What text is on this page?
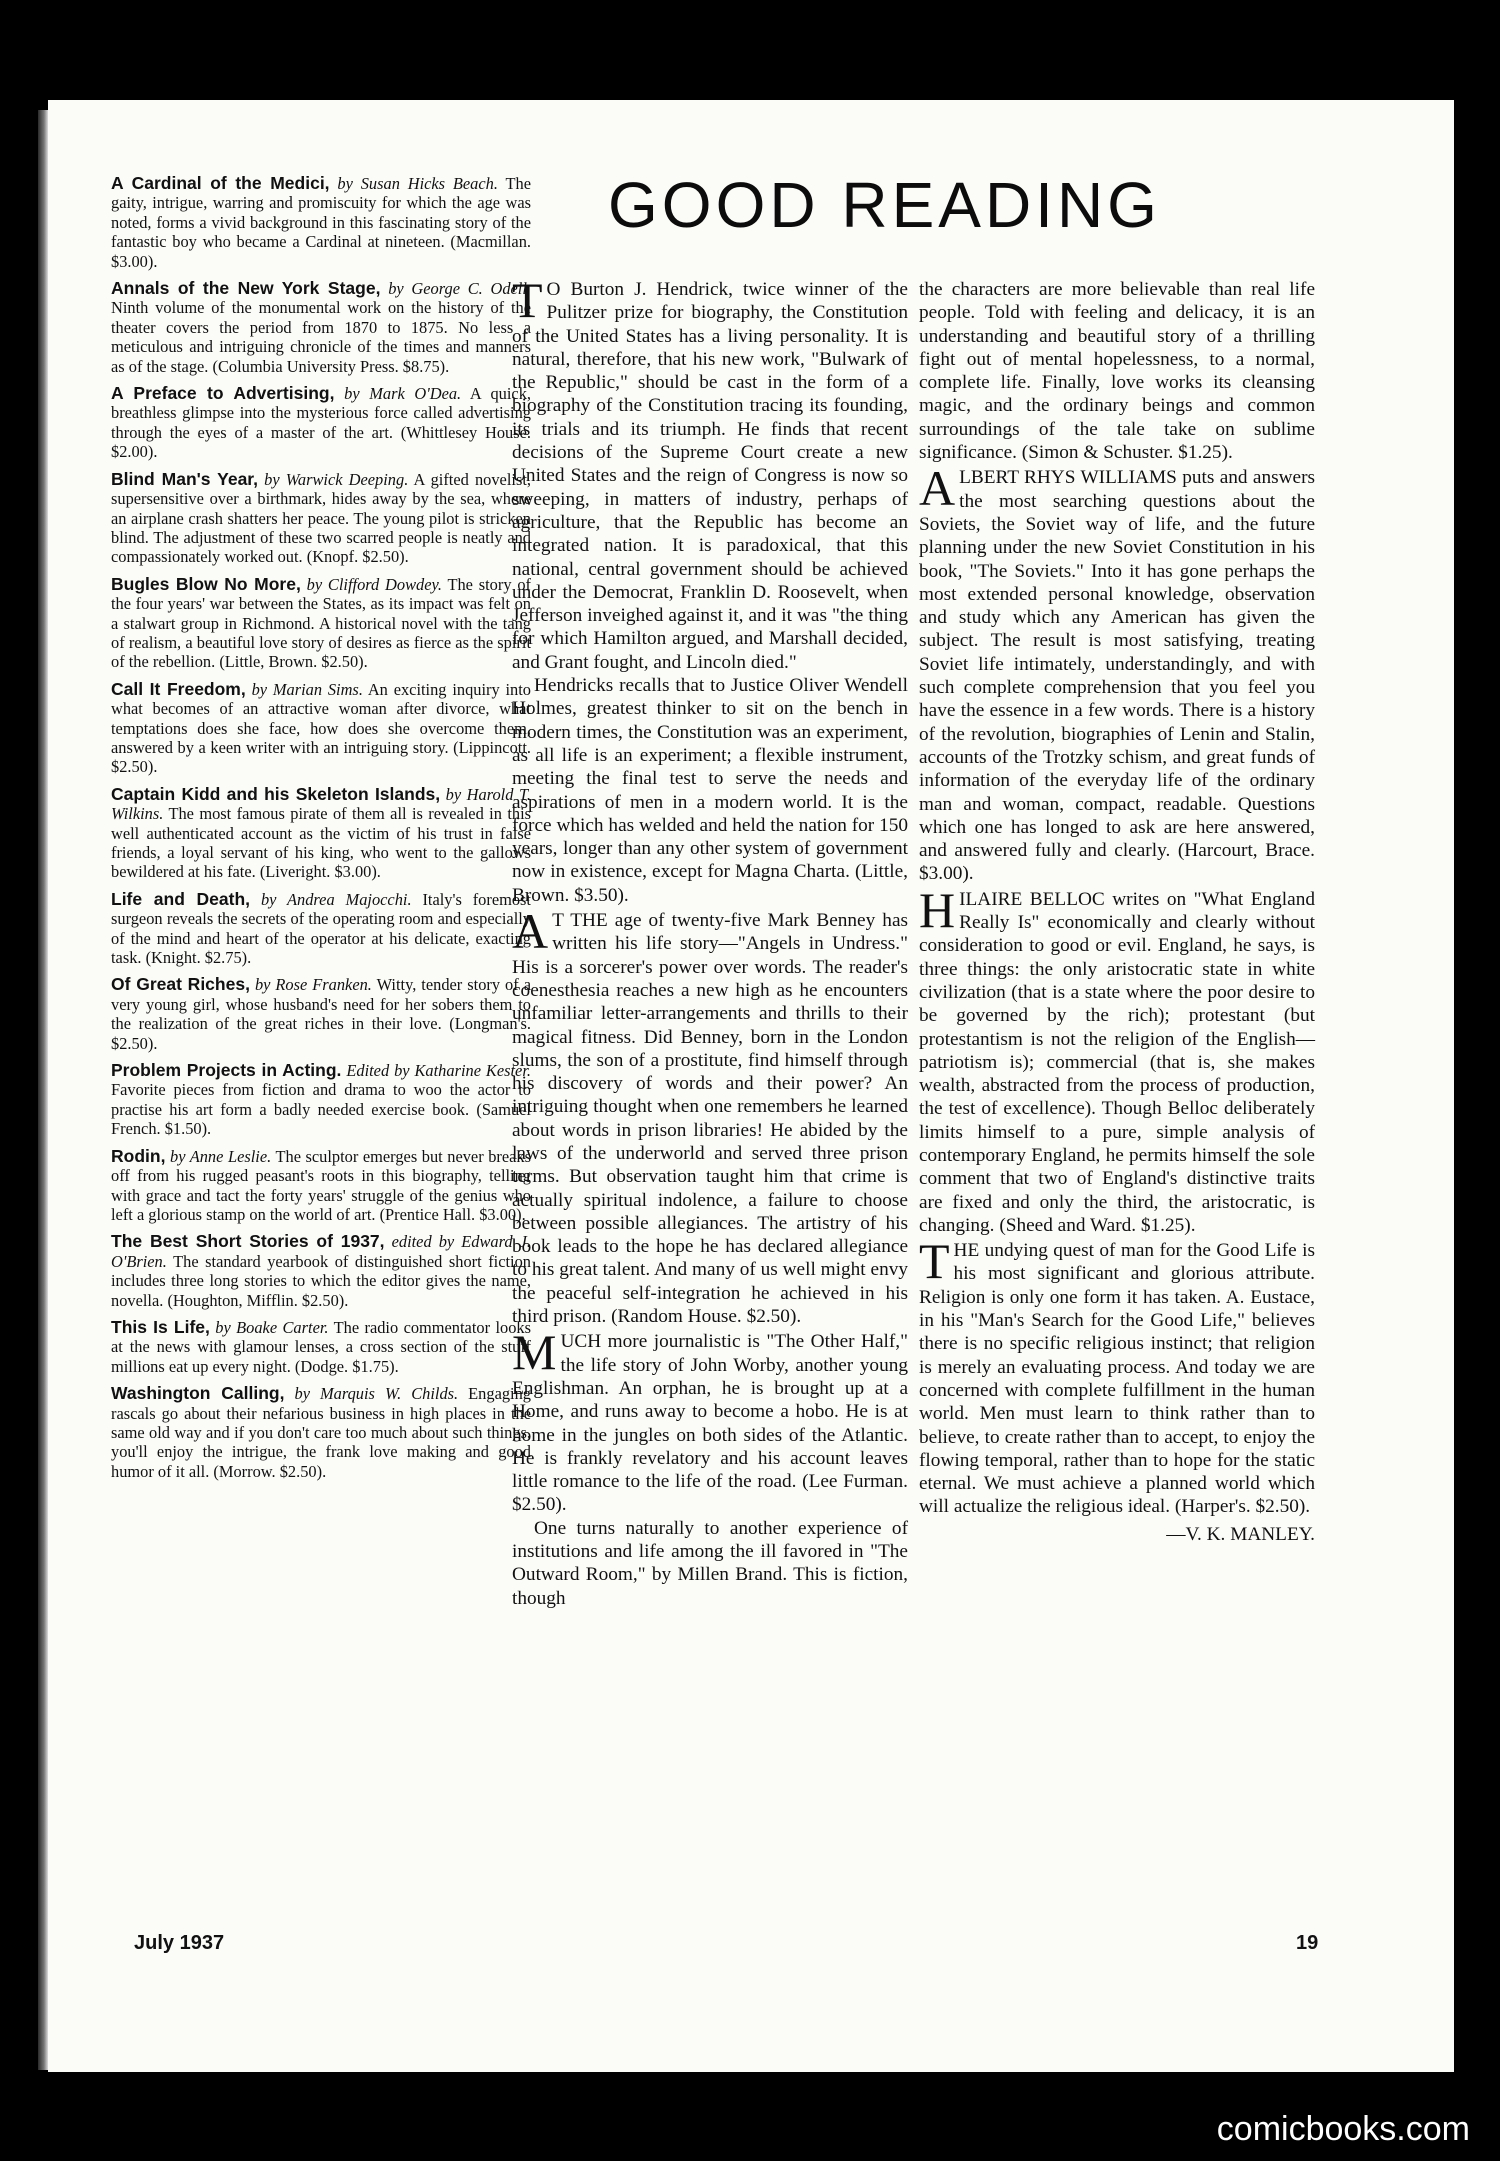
A Cardinal of the Medici, by Susan Hicks Beach. The gaity, intrigue, warring and promiscuity for which the age was noted, forms a vivid background in this fascinating story of the fantastic boy who became a Cardinal at nineteen. (Macmillan. $3.00).

Annals of the New York Stage, by George C. Odell. Ninth volume of the monumental work on the history of the theater covers the period from 1870 to 1875. No less a meticulous and intriguing chronicle of the times and manners as of the stage. (Columbia University Press. $8.75).

A Preface to Advertising, by Mark O'Dea. A quick, breathless glimpse into the mysterious force called advertising through the eyes of a master of the art. (Whittlesey House. $2.00).

Blind Man's Year, by Warwick Deeping. A gifted novelist, supersensitive over a birthmark, hides away by the sea, where an airplane crash shatters her peace. The young pilot is stricken blind. The adjustment of these two scarred people is neatly and compassionately worked out. (Knopf. $2.50).

Bugles Blow No More, by Clifford Dowdey. The story of the four years' war between the States, as its impact was felt on a stalwart group in Richmond. A historical novel with the tang of realism, a beautiful love story of desires as fierce as the spirit of the rebellion. (Little, Brown. $2.50).

Call It Freedom, by Marian Sims. An exciting inquiry into what becomes of an attractive woman after divorce, what temptations does she face, how does she overcome them, answered by a keen writer with an intriguing story. (Lippincott. $2.50).

Captain Kidd and his Skeleton Islands, by Harold T. Wilkins. The most famous pirate of them all is revealed in this well authenticated account as the victim of his trust in false friends, a loyal servant of his king, who went to the gallows bewildered at his fate. (Liveright. $3.00).

Life and Death, by Andrea Majocchi. Italy's foremost surgeon reveals the secrets of the operating room and especially of the mind and heart of the operator at his delicate, exacting task. (Knight. $2.75).

Of Great Riches, by Rose Franken. Witty, tender story of a very young girl, whose husband's need for her sobers them to the realization of the great riches in their love. (Longman's. $2.50).

Problem Projects in Acting. Edited by Katharine Kester. Favorite pieces from fiction and drama to woo the actor to practise his art form a badly needed exercise book. (Samuel French. $1.50).

Rodin, by Anne Leslie. The sculptor emerges but never breaks off from his rugged peasant's roots in this biography, telling with grace and tact the forty years' struggle of the genius who left a glorious stamp on the world of art. (Prentice Hall. $3.00).

The Best Short Stories of 1937, edited by Edward J. O'Brien. The standard yearbook of distinguished short fiction includes three long stories to which the editor gives the name, novella. (Houghton, Mifflin. $2.50).

This Is Life, by Boake Carter. The radio commentator looks at the news with glamour lenses, a cross section of the stuff millions eat up every night. (Dodge. $1.75).

Washington Calling, by Marquis W. Childs. Engaging rascals go about their nefarious business in high places in the same old way and if you don't care too much about such things, you'll enjoy the intrigue, the frank love making and good humor of it all. (Morrow. $2.50).

GOOD READING

T O Burton J. Hendrick, twice winner of the Pulitzer prize for biography, the Constitution of the United States has a living personality. It is natural, therefore, that his new work, "Bulwark of the Republic," should be cast in the form of a biography of the Constitution tracing its founding, its trials and its triumph. He finds that recent decisions of the Supreme Court create a new United States and the reign of Congress is now so sweeping, in matters of industry, perhaps of agriculture, that the Republic has become an integrated nation. It is paradoxical, that this national, central government should be achieved under the Democrat, Franklin D. Roosevelt, when Jefferson inveighed against it, and it was "the thing for which Hamilton argued, and Marshall decided, and Grant fought, and Lincoln died."

Hendricks recalls that to Justice Oliver Wendell Holmes, greatest thinker to sit on the bench in modern times, the Constitution was an experiment, as all life is an experiment; a flexible instrument, meeting the final test to serve the needs and aspirations of men in a modern world. It is the force which has welded and held the nation for 150 years, longer than any other system of government now in existence, except for Magna Charta. (Little, Brown. $3.50).

A T THE age of twenty-five Mark Benney has written his life story—"Angels in Undress." His is a sorcerer's power over words. The reader's coenesthesia reaches a new high as he encounters unfamiliar letter-arrangements and thrills to their magical fitness. Did Benney, born in the London slums, the son of a prostitute, find himself through his discovery of words and their power? An intriguing thought when one remembers he learned about words in prison libraries! He abided by the laws of the underworld and served three prison terms. But observation taught him that crime is actually spiritual indolence, a failure to choose between possible allegiances. The artistry of his book leads to the hope he has declared allegiance to his great talent. And many of us well might envy the peaceful self-integration he achieved in his third prison. (Random House. $2.50).

MUCH more journalistic is "The Other Half," the life story of John Worby, another young Englishman. An orphan, he is brought up at a Home, and runs away to become a hobo. He is at home in the jungles on both sides of the Atlantic. He is frankly revelatory and his account leaves little romance to the life of the road. (Lee Furman. $2.50).

One turns naturally to another experience of institutions and life among the ill favored in "The Outward Room," by Millen Brand. This is fiction, though

the characters are more believable than real life people. Told with feeling and delicacy, it is an understanding and beautiful story of a thrilling fight out of mental hopelessness, to a normal, complete life. Finally, love works its cleansing magic, and the ordinary beings and common surroundings of the tale take on sublime significance. (Simon & Schuster. $1.25).

ALBERT RHYS WILLIAMS puts and answers the most searching questions about the Soviets, the Soviet way of life, and the future planning under the new Soviet Constitution in his book, "The Soviets." Into it has gone perhaps the most extended personal knowledge, observation and study which any American has given the subject. The result is most satisfying, treating Soviet life intimately, understandingly, and with such complete comprehension that you feel you have the essence in a few words. There is a history of the revolution, biographies of Lenin and Stalin, accounts of the Trotzky schism, and great funds of information of the everyday life of the ordinary man and woman, compact, readable. Questions which one has longed to ask are here answered, and answered fully and clearly. (Harcourt, Brace. $3.00).

HILAIRE BELLOC writes on "What England Really Is" economically and clearly without consideration to good or evil. England, he says, is three things: the only aristocratic state in white civilization (that is a state where the poor desire to be governed by the rich); protestant (but protestantism is not the religion of the English—patriotism is); commercial (that is, she makes wealth, abstracted from the process of production, the test of excellence). Though Belloc deliberately limits himself to a pure, simple analysis of contemporary England, he permits himself the sole comment that two of England's distinctive traits are fixed and only the third, the aristocratic, is changing. (Sheed and Ward. $1.25).

THE undying quest of man for the Good Life is his most significant and glorious attribute. Religion is only one form it has taken. A. Eustace, in his "Man's Search for the Good Life," believes there is no specific religious instinct; that religion is merely an evaluating process. And today we are concerned with complete fulfillment in the human world. Men must learn to think rather than to believe, to create rather than to accept, to enjoy the flowing temporal, rather than to hope for the static eternal. We must achieve a planned world which will actualize the religious ideal. (Harper's. $2.50).

—V. K. MANLEY.

July 1937	19
comicbooks.com
